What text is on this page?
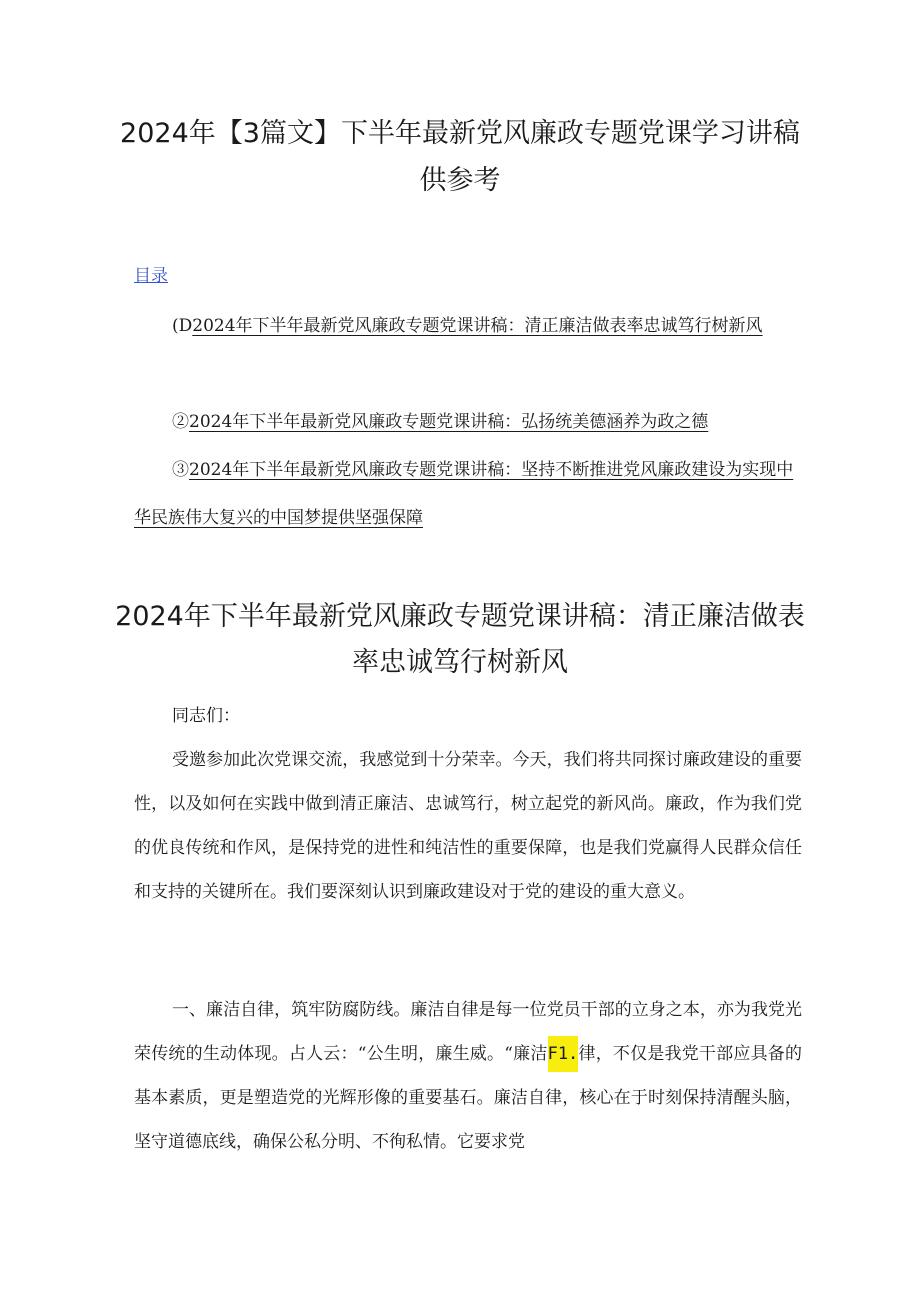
2024年【3篇文】下半年最新党风廉政专题党课学习讲稿供参考
目录

(D2024年下半年最新党风廉政专题党课讲稿：清正廉洁做表率忠诚笃行树新风

②2024年下半年最新党风廉政专题党课讲稿：弘扬统美德涵养为政之德

③2024年下半年最新党风廉政专题党课讲稿：坚持不断推进党风廉政建设为实现中华民族伟大复兴的中国梦提供坚强保障

2024年下半年最新党风廉政专题党课讲稿：清正廉洁做表率忠诚笃行树新风

同志们：

受邀参加此次党课交流，我感觉到十分荣幸。今天，我们将共同探讨廉政建设的重要性，以及如何在实践中做到清正廉洁、忠诚笃行，树立起党的新风尚。廉政，作为我们党的优良传统和作风，是保持党的进性和纯洁性的重要保障，也是我们党赢得人民群众信任和支持的关键所在。我们要深刻认识到廉政建设对于党的建设的重大意义。

一、廉洁自律，筑牢防腐防线。廉洁自律是每一位党员干部的立身之本，亦为我党光荣传统的生动体现。占人云：“公生明，廉生威。“廉洁F1.律，不仅是我党干部应具备的基本素质，更是塑造党的光辉形像的重要基石。廉洁自律，核心在于时刻保持清醒头脑，坚守道德底线，确保公私分明、不徇私情。它要求党
